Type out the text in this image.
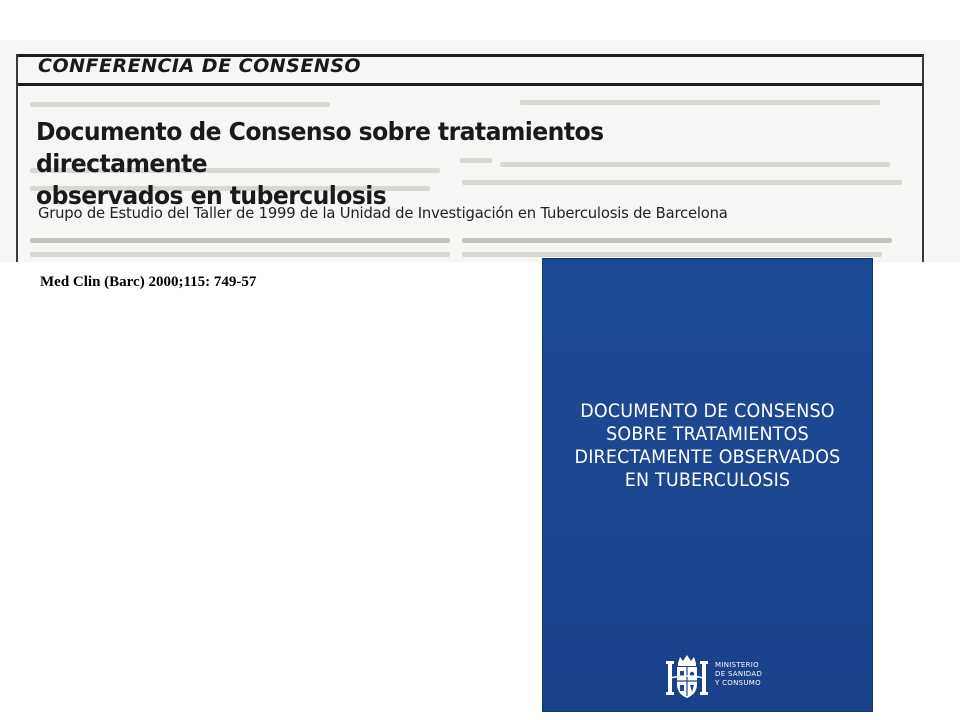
CONFERENCIA DE CONSENSO
Documento de Consenso sobre tratamientos directamente
observados en tuberculosis
Grupo de Estudio del Taller de 1999 de la Unidad de Investigación en Tuberculosis de Barcelona
Med Clin (Barc) 2000;115: 749-57
DOCUMENTO DE CONSENSO
SOBRE TRATAMIENTOS
DIRECTAMENTE OBSERVADOS
EN TUBERCULOSIS
MINISTERIO
DE SANIDAD
Y CONSUMO
